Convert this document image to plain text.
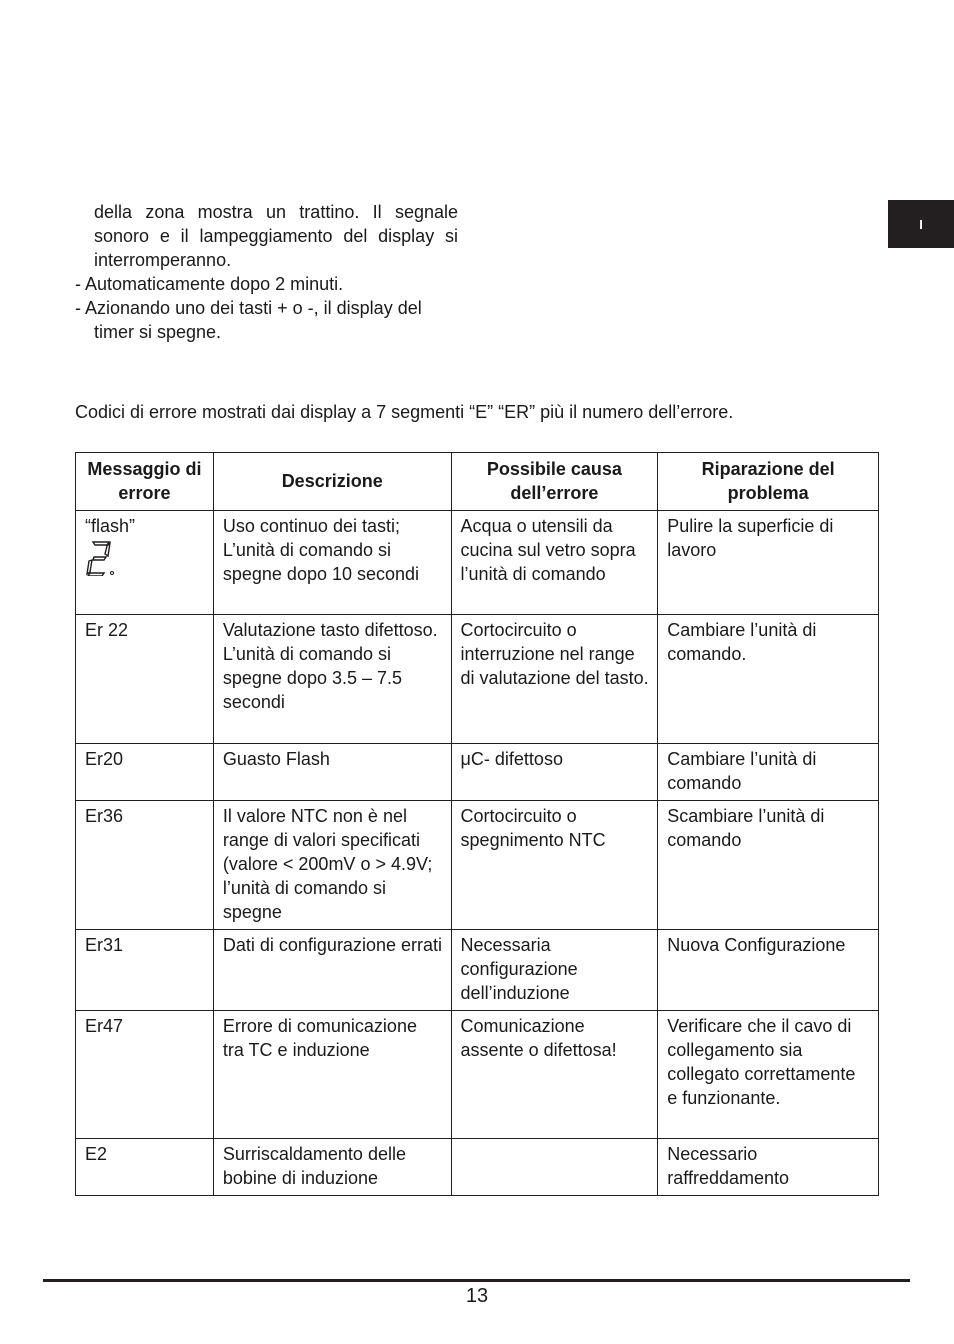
I

della zona mostra un trattino. Il segnale sonoro e il lampeggiamento del display si interromperanno.

- Automaticamente dopo 2 minuti.

- Azionando uno dei tasti + o -, il display del timer si spegne.

Codici di errore mostrati dai display a 7 segmenti “E” “ER” più il numero dell’errore.
Messaggio di errore	Descrizione	Possibile causa dell’errore	Riparazione del problema
“flash”	Uso continuo dei tasti; L’unità di comando si spegne dopo 10 secondi	Acqua o utensili da cucina sul vetro sopra l’unità di comando	Pulire la superficie di lavoro
Er 22	Valutazione tasto difettoso. L’unità di comando si spegne dopo 3.5 – 7.5 secondi	Cortocircuito o interruzione nel range di valutazione del tasto.	Cambiare l’unità di comando.
Er20	Guasto Flash	μC- difettoso	Cambiare l’unità di comando
Er36	Il valore NTC non è nel range di valori specificati (valore < 200mV o > 4.9V; l’unità di comando si spegne	Cortocircuito o spegnimento NTC	Scambiare l’unità di comando
Er31	Dati di configurazione errati	Necessaria configurazione dell’induzione	Nuova Configurazione
Er47	Errore di comunicazione tra TC e induzione	Comunicazione assente o difettosa!	Verificare che il cavo di collegamento sia collegato correttamente e funzionante.
E2	Surriscaldamento delle bobine di induzione		Necessario raffreddamento
13
